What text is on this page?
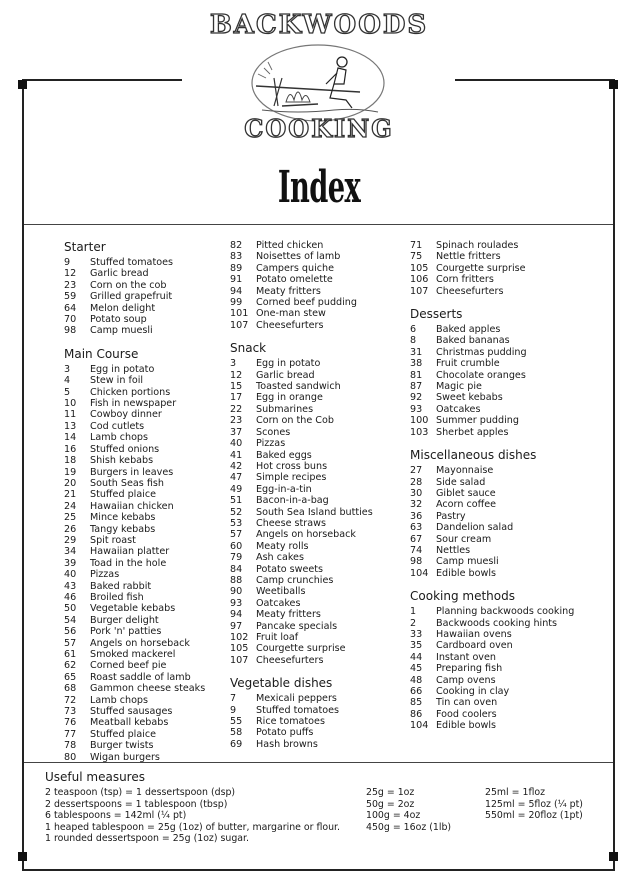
BACKWOODS
COOKING
Index
Starter
9	Stuffed tomatoes
12	Garlic bread
23	Corn on the cob
59	Grilled grapefruit
64	Melon delight
70	Potato soup
98	Camp muesli
Main Course
3	Egg in potato
4	Stew in foil
5	Chicken portions
10	Fish in newspaper
11	Cowboy dinner
13	Cod cutlets
14	Lamb chops
16	Stuffed onions
18	Shish kebabs
19	Burgers in leaves
20	South Seas fish
21	Stuffed plaice
24	Hawaiian chicken
25	Mince kebabs
26	Tangy kebabs
29	Spit roast
34	Hawaiian platter
39	Toad in the hole
40	Pizzas
43	Baked rabbit
46	Broiled fish
50	Vegetable kebabs
54	Burger delight
56	Pork 'n' patties
57	Angels on horseback
61	Smoked mackerel
62	Corned beef pie
65	Roast saddle of lamb
68	Gammon cheese steaks
72	Lamb chops
73	Stuffed sausages
76	Meatball kebabs
77	Stuffed plaice
78	Burger twists
80	Wigan burgers
82	Pitted chicken
83	Noisettes of lamb
89	Campers quiche
91	Potato omelette
94	Meaty fritters
99	Corned beef pudding
101 One-man stew
107 Cheesefurters
Snack
3	Egg in potato
12	Garlic bread
15	Toasted sandwich
17	Egg in orange
22	Submarines
23	Corn on the Cob
37	Scones
40	Pizzas
41	Baked eggs
42	Hot cross buns
47	Simple recipes
49	Egg-in-a-tin
51	Bacon-in-a-bag
52	South Sea Island butties
53	Cheese straws
57	Angels on horseback
60	Meaty rolls
79	Ash cakes
84	Potato sweets
88	Camp crunchies
90	Weetiballs
93	Oatcakes
94	Meaty fritters
97	Pancake specials
102 Fruit loaf
105 Courgette surprise
107 Cheesefurters
Vegetable dishes
7	Mexicali peppers
9	Stuffed tomatoes
55	Rice tomatoes
58	Potato puffs
69	Hash browns
71	Spinach roulades
75	Nettle fritters
105 Courgette surprise
106 Corn fritters
107 Cheesefurters
Desserts
6	Baked apples
8	Baked bananas
31	Christmas pudding
38	Fruit crumble
81	Chocolate oranges
87	Magic pie
92	Sweet kebabs
93	Oatcakes
100 Summer pudding
103 Sherbet apples
Miscellaneous dishes
27	Mayonnaise
28	Side salad
30	Giblet sauce
32	Acorn coffee
36	Pastry
63	Dandelion salad
67	Sour cream
74	Nettles
98	Camp muesli
104 Edible bowls
Cooking methods
1	Planning backwoods cooking
2	Backwoods cooking hints
33	Hawaiian ovens
35	Cardboard oven
44	Instant oven
45	Preparing fish
48	Camp ovens
66	Cooking in clay
85	Tin can oven
86	Food coolers
104 Edible bowls
Useful measures
2 teaspoon (tsp) = 1 dessertspoon (dsp)
2 dessertspoons = 1 tablespoon (tbsp)
6 tablespoons = 142ml (¼ pt)
1 heaped tablespoon = 25g (1oz) of butter, margarine or flour.
1 rounded dessertspoon = 25g (1oz) sugar.
25g = 1oz
50g = 2oz
100g = 4oz
450g = 16oz (1lb)
25ml = 1floz
125ml = 5floz (¼ pt)
550ml = 20floz (1pt)
